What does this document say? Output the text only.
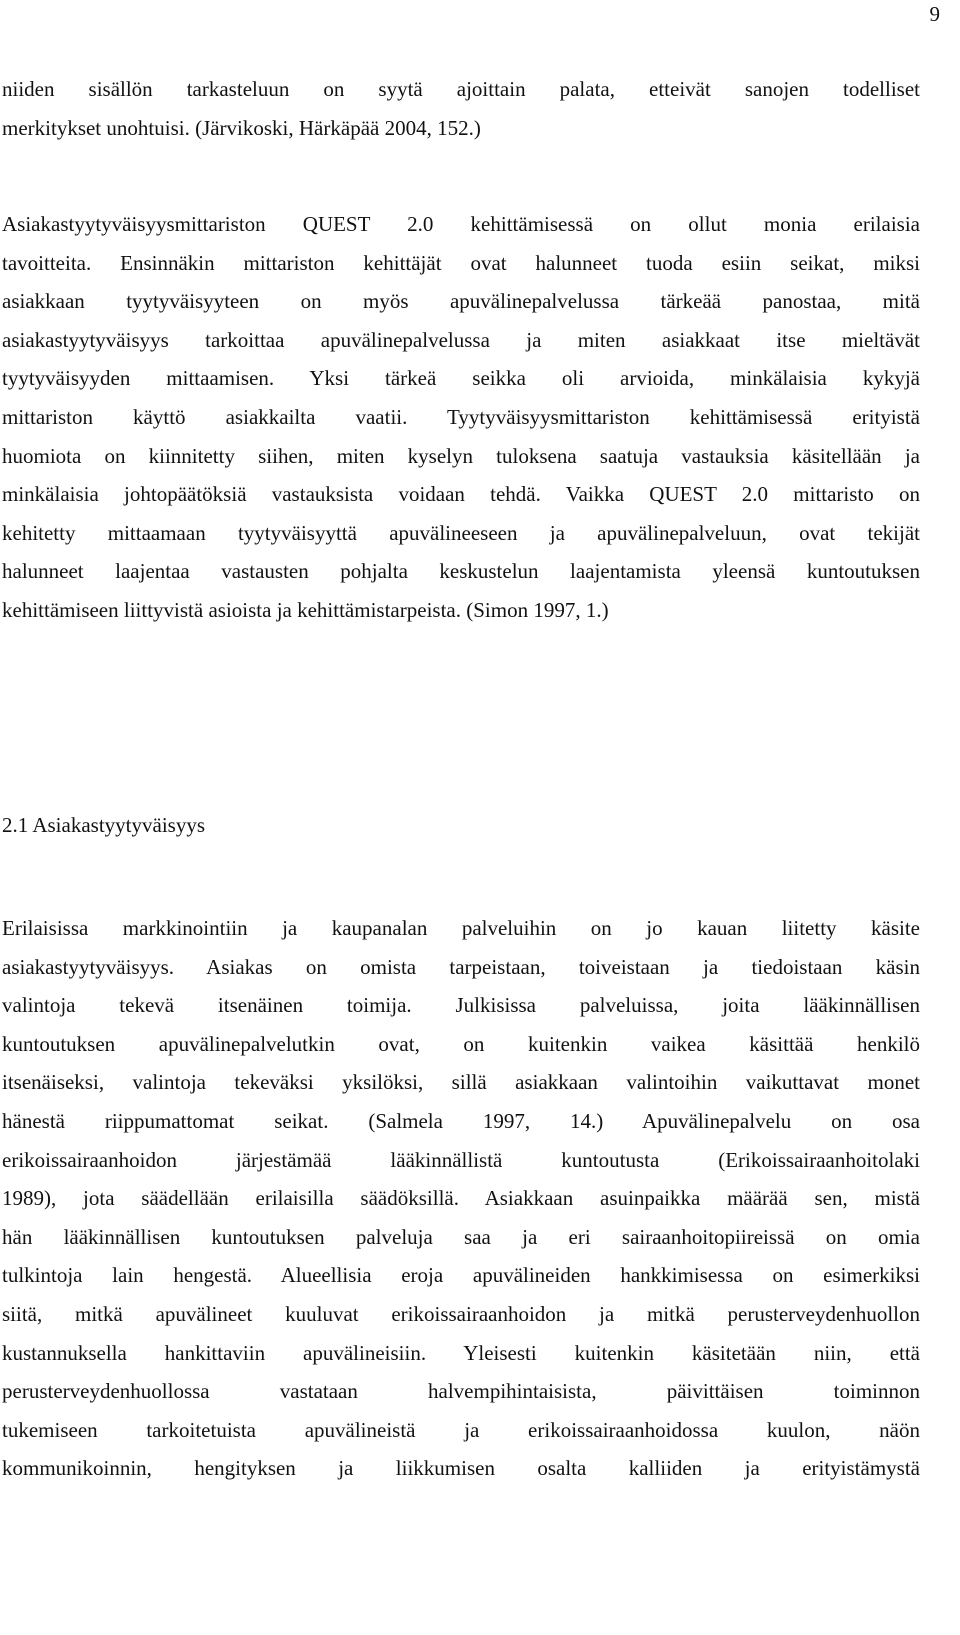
9

niiden sisällön tarkasteluun on syytä ajoittain palata, etteivät sanojen todelliset
merkitykset unohtuisi. (Järvikoski, Härkäpää 2004, 152.)

Asiakastyytyväisyysmittariston QUEST 2.0 kehittämisessä on ollut monia erilaisia
tavoitteita. Ensinnäkin mittariston kehittäjät ovat halunneet tuoda esiin seikat, miksi
asiakkaan tyytyväisyyteen on myös apuvälinepalvelussa tärkeää panostaa, mitä
asiakastyytyväisyys tarkoittaa apuvälinepalvelussa ja miten asiakkaat itse mieltävät
tyytyväisyyden mittaamisen. Yksi tärkeä seikka oli arvioida, minkälaisia kykyjä
mittariston käyttö asiakkailta vaatii. Tyytyväisyysmittariston kehittämisessä erityistä
huomiota on kiinnitetty siihen, miten kyselyn tuloksena saatuja vastauksia käsitellään ja
minkälaisia johtopäätöksiä vastauksista voidaan tehdä. Vaikka QUEST 2.0 mittaristo on
kehitetty mittaamaan tyytyväisyyttä apuvälineeseen ja apuvälinepalveluun, ovat tekijät
halunneet laajentaa vastausten pohjalta keskustelun laajentamista yleensä kuntoutuksen
kehittämiseen liittyvistä asioista ja kehittämistarpeista. (Simon 1997, 1.)

2.1 Asiakastyytyväisyys

Erilaisissa markkinointiin ja kaupanalan palveluihin on jo kauan liitetty käsite
asiakastyytyväisyys. Asiakas on omista tarpeistaan, toiveistaan ja tiedoistaan käsin
valintoja tekevä itsenäinen toimija. Julkisissa palveluissa, joita lääkinnällisen
kuntoutuksen apuvälinepalvelutkin ovat, on kuitenkin vaikea käsittää henkilö
itsenäiseksi, valintoja tekeväksi yksilöksi, sillä asiakkaan valintoihin vaikuttavat monet
hänestä riippumattomat seikat. (Salmela 1997, 14.) Apuvälinepalvelu on osa
erikoissairaanhoidon järjestämää lääkinnällistä kuntoutusta (Erikoissairaanhoitolaki
1989), jota säädellään erilaisilla säädöksillä. Asiakkaan asuinpaikka määrää sen, mistä
hän lääkinnällisen kuntoutuksen palveluja saa ja eri sairaanhoitopiireissä on omia
tulkintoja lain hengestä. Alueellisia eroja apuvälineiden hankkimisessa on esimerkiksi
siitä, mitkä apuvälineet kuuluvat erikoissairaanhoidon ja mitkä perusterveydenhuollon
kustannuksella hankittaviin apuvälineisiin. Yleisesti kuitenkin käsitetään niin, että
perusterveydenhuollossa vastataan halvempihintaisista, päivittäisen toiminnon
tukemiseen tarkoitetuista apuvälineistä ja erikoissairaanhoidossa kuulon, näön
kommunikoinnin, hengityksen ja liikkumisen osalta kalliiden ja erityistämystä
